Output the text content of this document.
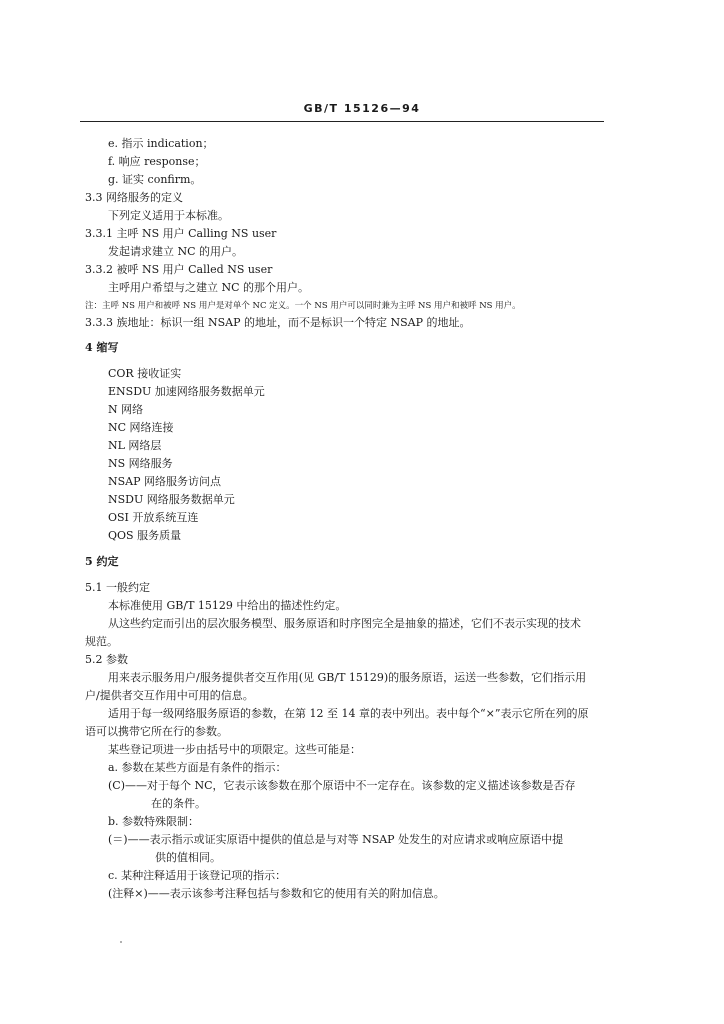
GB/T 15126—94
e. 指示 indication；
f. 响应 response；
g. 证实 confirm。
3.3 网络服务的定义
下列定义适用于本标准。
3.3.1 主呼 NS 用户 Calling NS user
发起请求建立 NC 的用户。
3.3.2 被呼 NS 用户 Called NS user
主呼用户希望与之建立 NC 的那个用户。
注：主呼 NS 用户和被呼 NS 用户是对单个 NC 定义。一个 NS 用户可以同时兼为主呼 NS 用户和被呼 NS 用户。
3.3.3 族地址：标识一组 NSAP 的地址，而不是标识一个特定 NSAP 的地址。
4 缩写
COR 接收证实
ENSDU 加速网络服务数据单元
N 网络
NC 网络连接
NL 网络层
NS 网络服务
NSAP 网络服务访问点
NSDU 网络服务数据单元
OSI 开放系统互连
QOS 服务质量
5 约定
5.1 一般约定
本标准使用 GB/T 15129 中给出的描述性约定。
从这些约定而引出的层次服务模型、服务原语和时序图完全是抽象的描述，它们不表示实现的技术
规范。
5.2 参数
用来表示服务用户/服务提供者交互作用(见 GB/T 15129)的服务原语，运送一些参数，它们指示用
户/提供者交互作用中可用的信息。
适用于每一级网络服务原语的参数，在第 12 至 14 章的表中列出。表中每个“×”表示它所在列的原
语可以携带它所在行的参数。
某些登记项进一步由括号中的项限定。这些可能是：
a. 参数在某些方面是有条件的指示：
(C)——对于每个 NC，它表示该参数在那个原语中不一定存在。该参数的定义描述该参数是否存
在的条件。
b. 参数特殊限制：
(＝)——表示指示或证实原语中提供的值总是与对等 NSAP 处发生的对应请求或响应原语中提
供的值相同。
c. 某种注释适用于该登记项的指示：
(注释×)——表示该参考注释包括与参数和它的使用有关的附加信息。
